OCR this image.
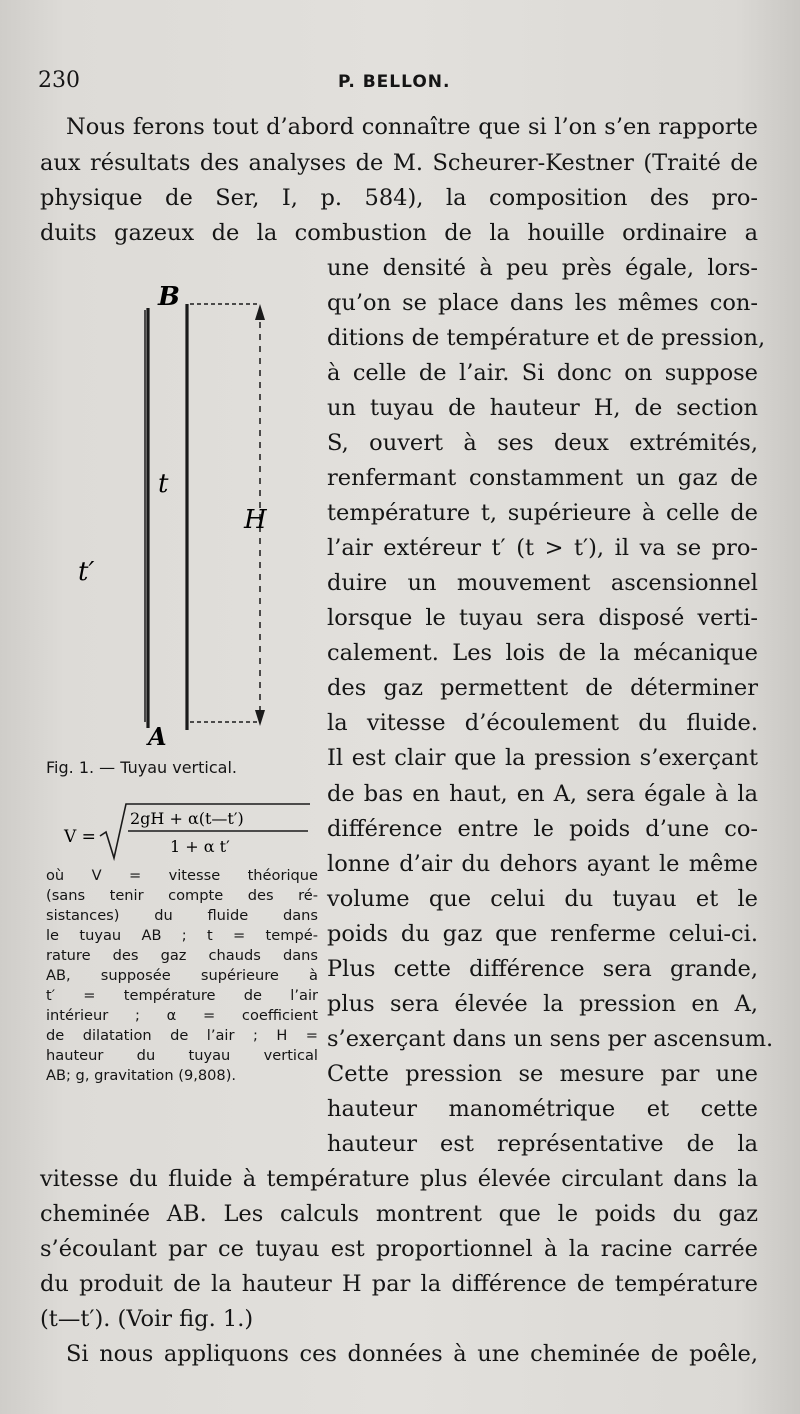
230	P. BELLON.
Nous ferons tout d’abord connaître que si l’on s’en rapporte
aux résultats des analyses de M. Scheurer-Kestner (Traité de
physique de Ser, I, p. 584), la composition des pro-
duits gazeux de la combustion de la houille ordinaire a
une densité à peu près égale, lors-
qu’on se place dans les mêmes con-
ditions de température et de pression,
à celle de l’air. Si donc on suppose
un tuyau de hauteur H, de section
S, ouvert à ses deux extrémités,
renfermant constamment un gaz de
température t, supérieure à celle de
l’air extéreur t′ (t > t′), il va se pro-
duire un mouvement ascensionnel
lorsque le tuyau sera disposé verti-
calement. Les lois de la mécanique
des gaz permettent de déterminer
la vitesse d’écoulement du fluide.
Il est clair que la pression s’exerçant
de bas en haut, en A, sera égale à la
différence entre le poids d’une co-
lonne d’air du dehors ayant le même
volume que celui du tuyau et le
poids du gaz que renferme celui-ci.
Plus cette différence sera grande,
plus sera élevée la pression en A,
s’exerçant dans un sens per ascensum.
Cette pression se mesure par une
hauteur manométrique et cette
hauteur est représentative de la
vitesse du fluide à température plus élevée circulant dans la
cheminée AB. Les calculs montrent que le poids du gaz
s’écoulant par ce tuyau est proportionnel à la racine carrée
du produit de la hauteur H par la différence de température
(t—t′). (Voir fig. 1.)
Si nous appliquons ces données à une cheminée de poêle,
B
A
t
t′
H
Fig. 1. — Tuyau vertical.
V =
2gH + α(t—t′)
1 + α t′
où V = vitesse théorique
(sans tenir compte des ré-
sistances) du fluide dans
le tuyau AB ; t = tempé-
rature des gaz chauds dans
AB, supposée supérieure à
t′ = température de l’air
intérieur ; α = coefficient
de dilatation de l’air ; H =
hauteur du tuyau vertical
AB; g, gravitation (9,808).
